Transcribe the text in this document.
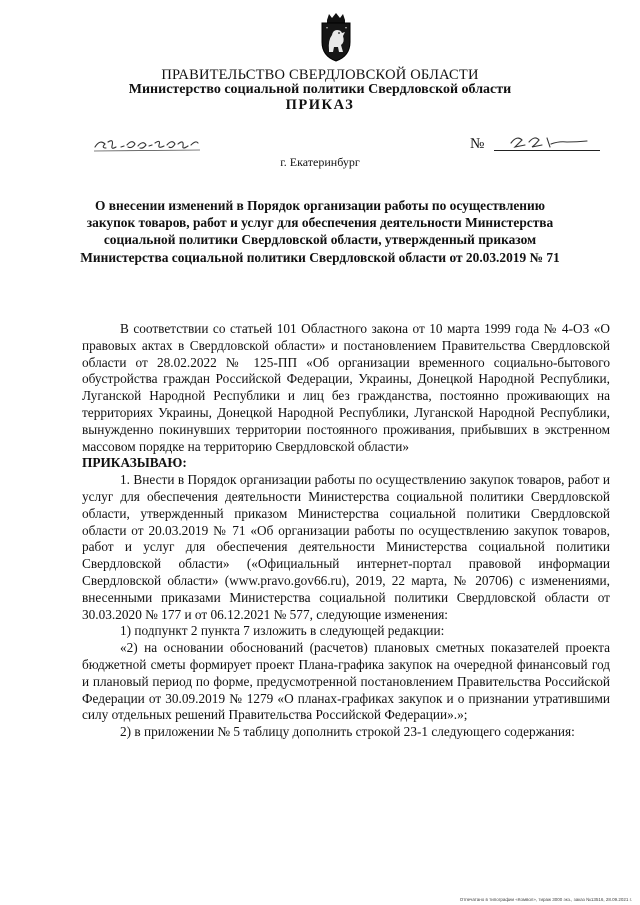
ПРАВИТЕЛЬСТВО СВЕРДЛОВСКОЙ ОБЛАСТИ
Министерство социальной политики Свердловской области
ПРИКАЗ
№
г. Екатеринбург
О внесении изменений в Порядок организации работы по осуществлению закупок товаров, работ и услуг для обеспечения деятельности Министерства социальной политики Свердловской области, утвержденный приказом Министерства социальной политики Свердловской области от 20.03.2019 № 71

В соответствии со статьей 101 Областного закона от 10 марта 1999 года № 4-ОЗ «О правовых актах в Свердловской области» и постановлением Правительства Свердловской области от 28.02.2022 № 125-ПП «Об организации временного социально-бытового обустройства граждан Российской Федерации, Украины, Донецкой Народной Республики, Луганской Народной Республики и лиц без гражданства, постоянно проживающих на территориях Украины, Донецкой Народной Республики, Луганской Народной Республики, вынужденно покинувших территории постоянного проживания, прибывших в экстренном массовом порядке на территорию Свердловской области»

ПРИКАЗЫВАЮ:

1. Внести в Порядок организации работы по осуществлению закупок товаров, работ и услуг для обеспечения деятельности Министерства социальной политики Свердловской области, утвержденный приказом Министерства социальной политики Свердловской области от 20.03.2019 № 71 «Об организации работы по осуществлению закупок товаров, работ и услуг для обеспечения деятельности Министерства социальной политики Свердловской области» («Официальный интернет-портал правовой информации Свердловской области» (www.pravo.gov66.ru), 2019, 22 марта, № 20706) с изменениями, внесенными приказами Министерства социальной политики Свердловской области от 30.03.2020 № 177 и от 06.12.2021 № 577, следующие изменения:

1) подпункт 2 пункта 7 изложить в следующей редакции:

«2) на основании обоснований (расчетов) плановых сметных показателей проекта бюджетной сметы формирует проект Плана-графика закупок на очередной финансовый год и плановый период по форме, предусмотренной постановлением Правительства Российской Федерации от 30.09.2019 № 1279 «О планах-графиках закупок и о признании утратившими силу отдельных решений Правительства Российской Федерации».»;

2) в приложении № 5 таблицу дополнить строкой 23-1 следующего содержания:

Отпечатано в типографии «Комвол», тираж 3000 экз., заказ №13516, 28.09.2021 г.
